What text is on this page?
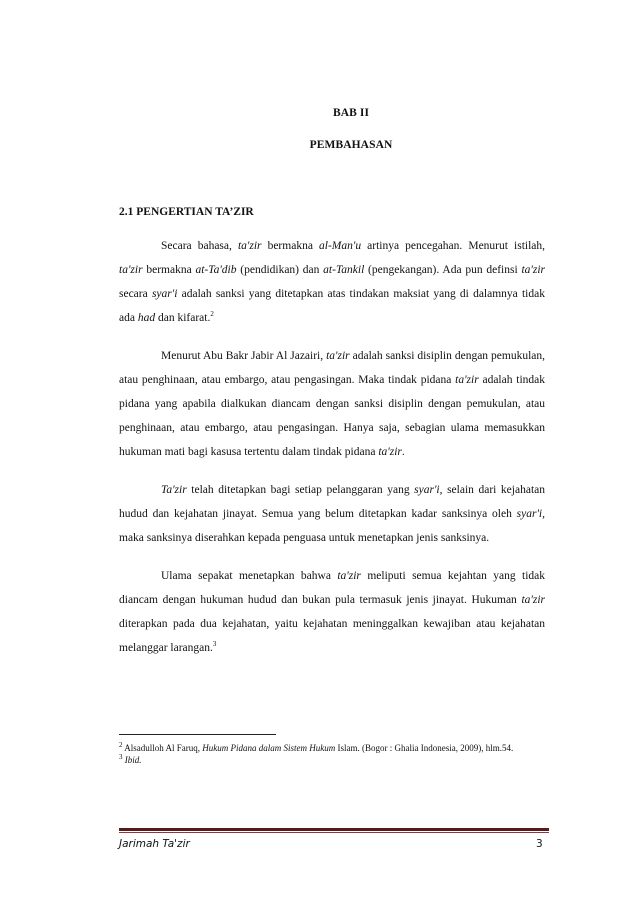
BAB II
PEMBAHASAN
2.1 PENGERTIAN TA’ZIR

Secara bahasa, ta'zir bermakna al-Man'u artinya pencegahan. Menurut istilah, ta'zir bermakna at-Ta'dib (pendidikan) dan at-Tankil (pengekangan). Ada pun definsi ta'zir secara syar'i adalah sanksi yang ditetapkan atas tindakan maksiat yang di dalamnya tidak ada had dan kifarat.$^2$

Menurut Abu Bakr Jabir Al Jazairi, ta'zir adalah sanksi disiplin dengan pemukulan, atau penghinaan, atau embargo, atau pengasingan. Maka tindak pidana ta'zir adalah tindak pidana yang apabila dialkukan diancam dengan sanksi disiplin dengan pemukulan, atau penghinaan, atau embargo, atau pengasingan. Hanya saja, sebagian ulama memasukkan hukuman mati bagi kasusa tertentu dalam tindak pidana ta'zir.

Ta'zir telah ditetapkan bagi setiap pelanggaran yang syar'i, selain dari kejahatan hudud dan kejahatan jinayat. Semua yang belum ditetapkan kadar sanksinya oleh syar'i, maka sanksinya diserahkan kepada penguasa untuk menetapkan jenis sanksinya.

Ulama sepakat menetapkan bahwa ta'zir meliputi semua kejahtan yang tidak diancam dengan hukuman hudud dan bukan pula termasuk jenis jinayat. Hukuman ta'zir diterapkan pada dua kejahatan, yaitu kejahatan meninggalkan kewajiban atau kejahatan melanggar larangan.$^3$

$^2$ Alsadulloh Al Faruq, Hukum Pidana dalam Sistem Hukum Islam. (Bogor : Ghalia Indonesia, 2009), hlm.54.
$^3$ Ibid.
Jarimah Ta'zir	3
